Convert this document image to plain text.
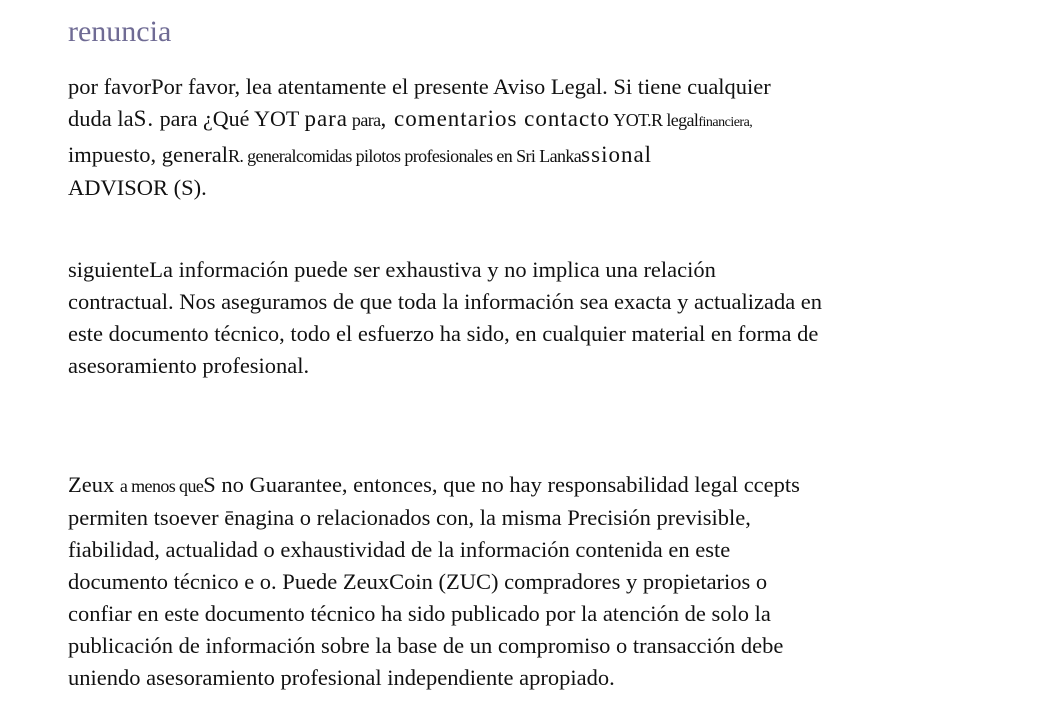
renuncia

por favorPor favor, lea atentamente el presente Aviso Legal. Si tiene cualquier
duda laS. para ¿Qué YOT para para, comentarios contacto YOT.R legalfinanciera,
impuesto, generalR. generalcomidas pilotos profesionales en Sri Lankassional
ADVISOR (S).

siguienteLa información puede ser exhaustiva y no implica una relación
contractual. Nos aseguramos de que toda la información sea exacta y actualizada en
este documento técnico, todo el esfuerzo ha sido, en cualquier material en forma de
asesoramiento profesional.

Zeux a menos queS no Guarantee, entonces, que no hay responsabilidad legal ccepts
permiten tsoever ēnagina o relacionados con, la misma Precisión previsible,
fiabilidad, actualidad o exhaustividad de la información contenida en este
documento técnico e o. Puede ZeuxCoin (ZUC) compradores y propietarios o
confiar en este documento técnico ha sido publicado por la atención de solo la
publicación de información sobre la base de un compromiso o transacción debe
uniendo asesoramiento profesional independiente apropiado.
